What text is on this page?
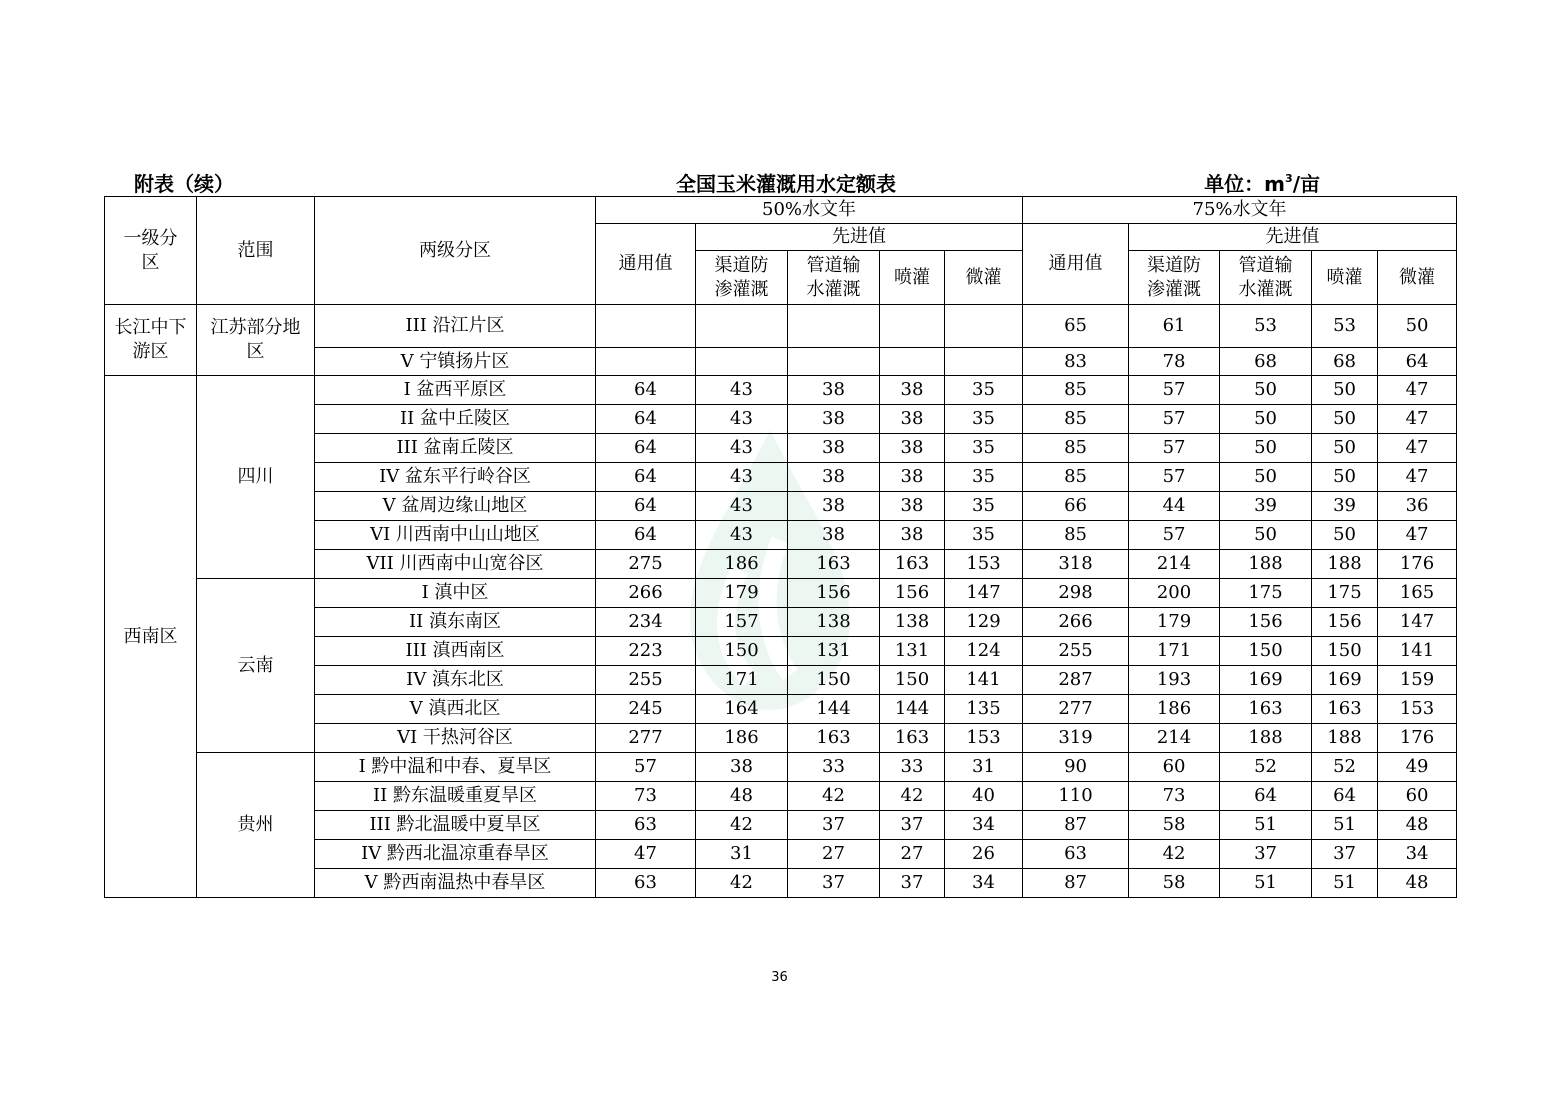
附表（续）	全国玉米灌溉用水定额表	单位：$m^3/$亩
一级分区	范围	两级分区	50%水文年					75%水文年				
			通用值	先进值				通用值	先进值			
				渠道防渗灌溉	管道输水灌溉	喷灌	微灌		渠道防渗灌溉	管道输水灌溉	喷灌	微灌
长江中下游区	江苏部分地区	III 沿江片区						65	61	53	53	50
		V 宁镇扬片区						83	78	68	68	64
西南区	四川	I 盆西平原区	64	43	38	38	35	85	57	50	50	47
		II 盆中丘陵区	64	43	38	38	35	85	57	50	50	47
		III 盆南丘陵区	64	43	38	38	35	85	57	50	50	47
		IV 盆东平行岭谷区	64	43	38	38	35	85	57	50	50	47
		V 盆周边缘山地区	64	43	38	38	35	66	44	39	39	36
		VI 川西南中山山地区	64	43	38	38	35	85	57	50	50	47
		VII 川西南中山宽谷区	275	186	163	163	153	318	214	188	188	176
	云南	I 滇中区	266	179	156	156	147	298	200	175	175	165
		II 滇东南区	234	157	138	138	129	266	179	156	156	147
		III 滇西南区	223	150	131	131	124	255	171	150	150	141
		IV 滇东北区	255	171	150	150	141	287	193	169	169	159
		V 滇西北区	245	164	144	144	135	277	186	163	163	153
		VI 干热河谷区	277	186	163	163	153	319	214	188	188	176
	贵州	I 黔中温和中春、夏旱区	57	38	33	33	31	90	60	52	52	49
		II 黔东温暖重夏旱区	73	48	42	42	40	110	73	64	64	60
		III 黔北温暖中夏旱区	63	42	37	37	34	87	58	51	51	48
		IV 黔西北温凉重春旱区	47	31	27	27	26	63	42	37	37	34
		V 黔西南温热中春旱区	63	42	37	37	34	87	58	51	51	48
36
